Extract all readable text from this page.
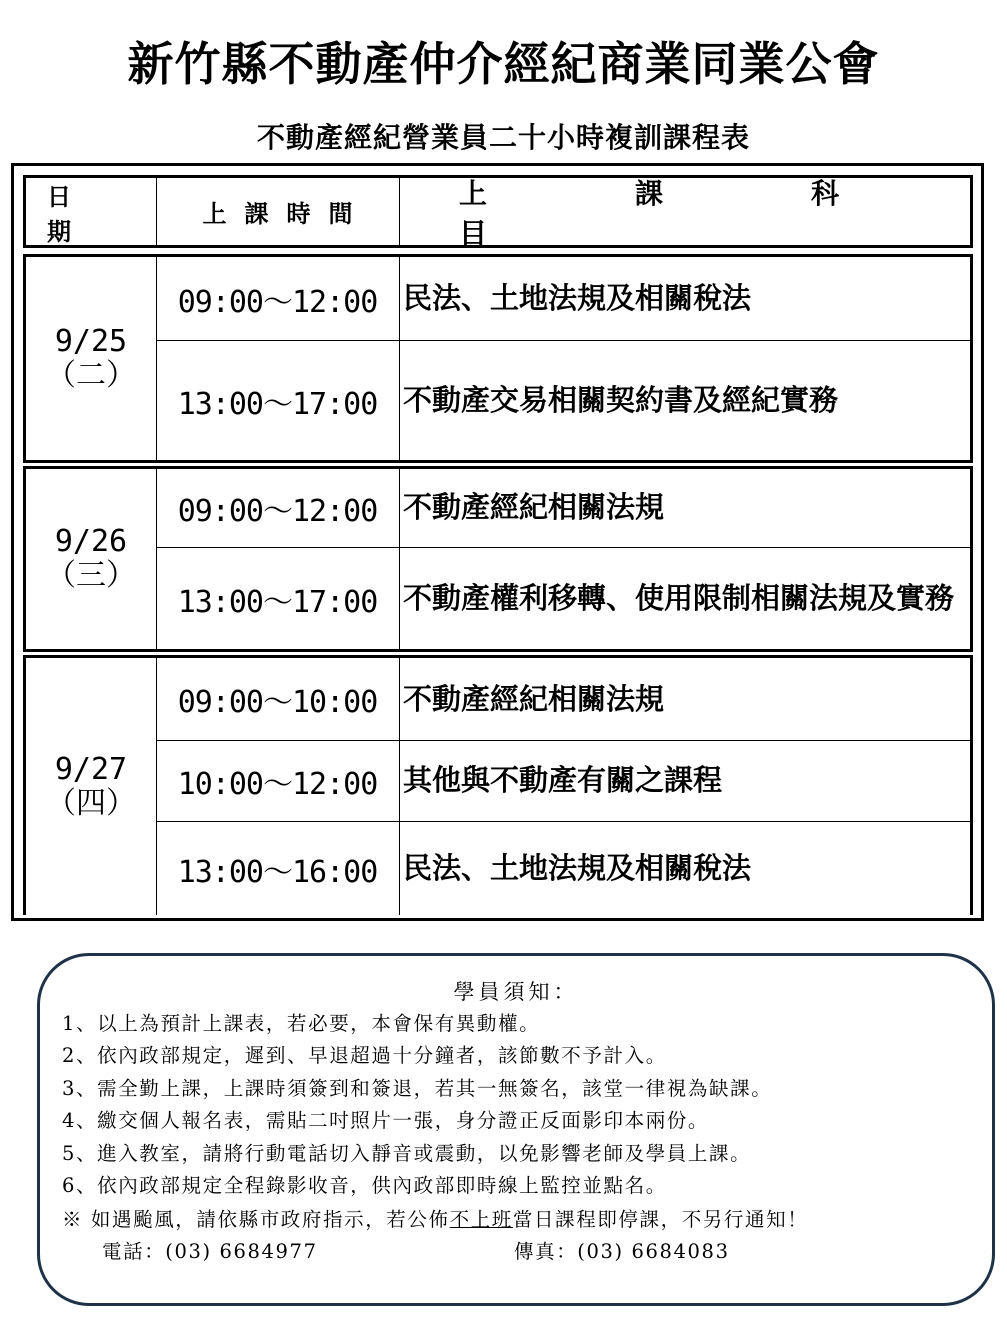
新竹縣不動產仲介經紀商業同業公會
不動產經紀營業員二十小時複訓課程表
日　期
上課時間
上　課　科　目
9/25
（二）
09:00～12:00 民法、土地法規及相關稅法
13:00～17:00 不動產交易相關契約書及經紀實務
9/26
（三）
09:00～12:00 不動產經紀相關法規
13:00～17:00 不動產權利移轉、使用限制相關法規及實務
9/27
（四）
09:00～10:00 不動產經紀相關法規
10:00～12:00 其他與不動產有關之課程
13:00～16:00 民法、土地法規及相關稅法
學員須知：
1、以上為預計上課表，若必要，本會保有異動權。
2、依內政部規定，遲到、早退超過十分鐘者，該節數不予計入。
3、需全勤上課，上課時須簽到和簽退，若其一無簽名，該堂一律視為缺課。
4、繳交個人報名表，需貼二吋照片一張，身分證正反面影印本兩份。
5、進入教室，請將行動電話切入靜音或震動，以免影響老師及學員上課。
6、依內政部規定全程錄影收音，供內政部即時線上監控並點名。
※ 如遇颱風，請依縣市政府指示，若公佈不上班當日課程即停課，不另行通知！
電話：(03) 6684977	傳真：(03) 6684083
